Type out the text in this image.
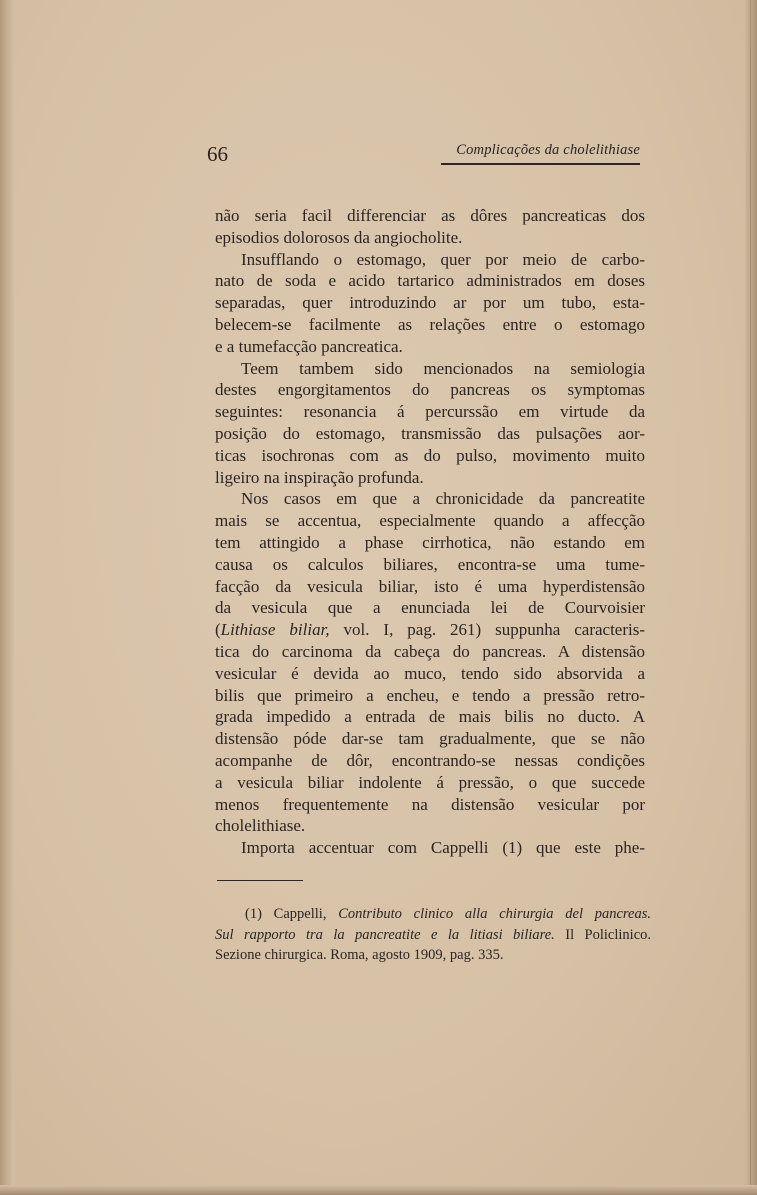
66	Complicações da cholelithiase
não seria facil differenciar as dôres pancreaticas dos
episodios dolorosos da angiocholite.
Insufflando o estomago, quer por meio de carbo-
nato de soda e acido tartarico administrados em doses
separadas, quer introduzindo ar por um tubo, esta-
belecem-se facilmente as relações entre o estomago
e a tumefacção pancreatica.
Teem tambem sido mencionados na semiologia
destes engorgitamentos do pancreas os symptomas
seguintes: resonancia á percurssão em virtude da
posição do estomago, transmissão das pulsações aor-
ticas isochronas com as do pulso, movimento muito
ligeiro na inspiração profunda.
Nos casos em que a chronicidade da pancreatite
mais se accentua, especialmente quando a affecção
tem attingido a phase cirrhotica, não estando em
causa os calculos biliares, encontra-se uma tume-
facção da vesicula biliar, isto é uma hyperdistensão
da vesicula que a enunciada lei de Courvoisier
(Lithiase biliar, vol. I, pag. 261) suppunha caracteris-
tica do carcinoma da cabeça do pancreas. A distensão
vesicular é devida ao muco, tendo sido absorvida a
bilis que primeiro a encheu, e tendo a pressão retro-
grada impedido a entrada de mais bilis no ducto. A
distensão póde dar-se tam gradualmente, que se não
acompanhe de dôr, encontrando-se nessas condições
a vesicula biliar indolente á pressão, o que succede
menos frequentemente na distensão vesicular por
cholelithiase.
Importa accentuar com Cappelli (1) que este phe-
(1) Cappelli, Contributo clinico alla chirurgia del pancreas.
Sul rapporto tra la pancreatite e la litiasi biliare. Il Policlinico.
Sezione chirurgica. Roma, agosto 1909, pag. 335.
